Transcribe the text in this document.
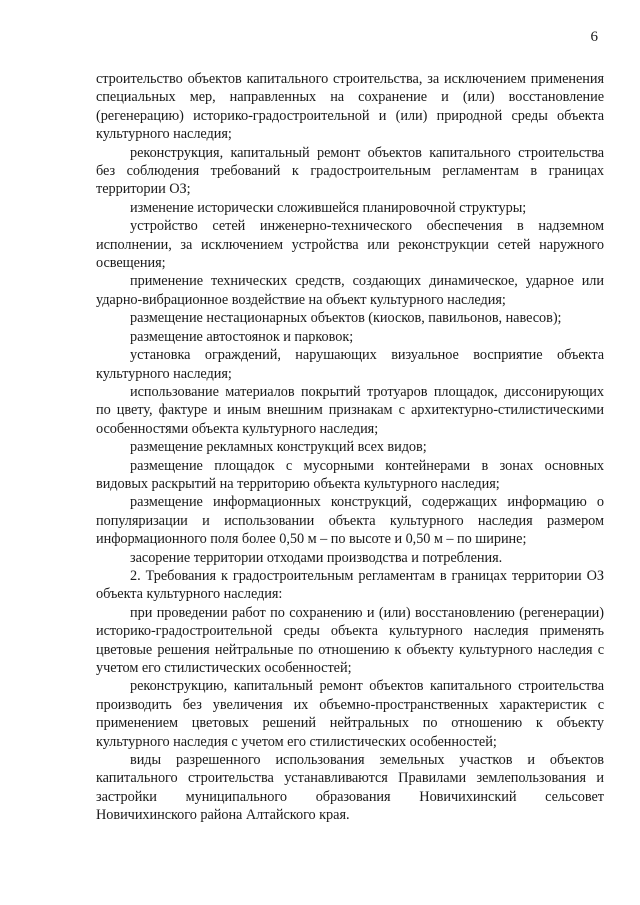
6

строительство объектов капитального строительства, за исключением применения специальных мер, направленных на сохранение и (или) восстановление (регенерацию) историко-градостроительной и (или) природной среды объекта культурного наследия;

реконструкция, капитальный ремонт объектов капитального строительства без соблюдения требований к градостроительным регламентам в границах территории ОЗ;

изменение исторически сложившейся планировочной структуры;

устройство сетей инженерно-технического обеспечения в надземном исполнении, за исключением устройства или реконструкции сетей наружного освещения;

применение технических средств, создающих динамическое, ударное или ударно-вибрационное воздействие на объект культурного наследия;

размещение нестационарных объектов (киосков, павильонов, навесов);

размещение автостоянок и парковок;

установка ограждений, нарушающих визуальное восприятие объекта культурного наследия;

использование материалов покрытий тротуаров площадок, диссонирующих по цвету, фактуре и иным внешним признакам с архитектурно-стилистическими особенностями объекта культурного наследия;

размещение рекламных конструкций всех видов;

размещение площадок с мусорными контейнерами в зонах основных видовых раскрытий на территорию объекта культурного наследия;

размещение информационных конструкций, содержащих информацию о популяризации и использовании объекта культурного наследия размером информационного поля более 0,50 м – по высоте и 0,50 м – по ширине;

засорение территории отходами производства и потребления.

2. Требования к градостроительным регламентам в границах территории ОЗ объекта культурного наследия:

при проведении работ по сохранению и (или) восстановлению (регенерации) историко-градостроительной среды объекта культурного наследия применять цветовые решения нейтральные по отношению к объекту культурного наследия с учетом его стилистических особенностей;

реконструкцию, капитальный ремонт объектов капитального строительства производить без увеличения их объемно-пространственных характеристик с применением цветовых решений нейтральных по отношению к объекту культурного наследия с учетом его стилистических особенностей;

виды разрешенного использования земельных участков и объектов капитального строительства устанавливаются Правилами землепользования и застройки муниципального образования Новичихинский сельсовет Новичихинского района Алтайского края.
